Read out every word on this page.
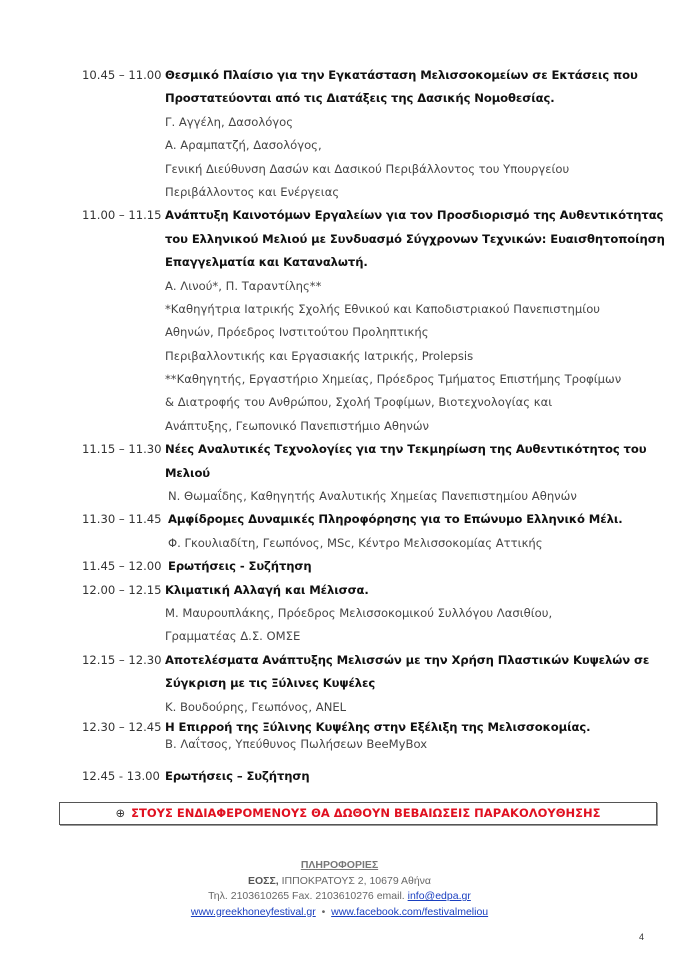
10.45 – 11.00 Θεσμικό Πλαίσιο για την Εγκατάσταση Μελισσοκομείων σε Εκτάσεις που
Προστατεύονται από τις Διατάξεις της Δασικής Νομοθεσίας.
Γ. Αγγέλη, Δασολόγος
Α. Αραμπατζή, Δασολόγος,
Γενική Διεύθυνση Δασών και Δασικού Περιβάλλοντος του Υπουργείου
Περιβάλλοντος και Ενέργειας
11.00 – 11.15 Ανάπτυξη Καινοτόμων Εργαλείων για τον Προσδιορισμό της Αυθεντικότητας
του Ελληνικού Μελιού με Συνδυασμό Σύγχρονων Τεχνικών: Ευαισθητοποίηση
Επαγγελματία και Καταναλωτή.
Α. Λινού*, Π. Ταραντίλης**
*Καθηγήτρια Ιατρικής Σχολής Εθνικού και Καποδιστριακού Πανεπιστημίου
Αθηνών, Πρόεδρος Ινστιτούτου Προληπτικής
Περιβαλλοντικής και Εργασιακής Ιατρικής, Prolepsis
**Καθηγητής, Εργαστήριο Χημείας, Πρόεδρος Τμήματος Επιστήμης Τροφίμων
& Διατροφής του Ανθρώπου, Σχολή Τροφίμων, Βιοτεχνολογίας και
Ανάπτυξης, Γεωπονικό Πανεπιστήμιο Αθηνών
11.15 – 11.30 Νέες Αναλυτικές Τεχνολογίες για την Τεκμηρίωση της Αυθεντικότητος του
Μελιού
Ν. Θωμαΐδης, Καθηγητής Αναλυτικής Χημείας Πανεπιστημίου Αθηνών
11.30 – 11.45 Αμφίδρομες Δυναμικές Πληροφόρησης για το Επώνυμο Ελληνικό Μέλι.
Φ. Γκουλιαδίτη, Γεωπόνος, MSc, Κέντρο Μελισσοκομίας Αττικής
11.45 – 12.00 Ερωτήσεις - Συζήτηση
12.00 – 12.15 Κλιματική Αλλαγή και Μέλισσα.
Μ. Μαυρουπλάκης, Πρόεδρος Μελισσοκομικού Συλλόγου Λασιθίου,
Γραμματέας Δ.Σ. ΟΜΣΕ
12.15 – 12.30 Αποτελέσματα Ανάπτυξης Μελισσών με την Χρήση Πλαστικών Κυψελών σε
Σύγκριση με τις Ξύλινες Κυψέλες
Κ. Βουδούρης, Γεωπόνος, ANEL
12.30 – 12.45 Η Επιρροή της Ξύλινης Κυψέλης στην Εξέλιξη της Μελισσοκομίας.
Β. Λαΐτσος, Υπεύθυνος Πωλήσεων BeeMyBox
12.45 - 13.00 Ερωτήσεις – Συζήτηση
⊕ ΣΤΟΥΣ ΕΝΔΙΑΦΕΡΟΜΕΝΟΥΣ ΘΑ ΔΩΘΟΥΝ ΒΕΒΑΙΩΣΕΙΣ ΠΑΡΑΚΟΛΟΥΘΗΣΗΣ
ΠΛΗΡΟΦΟΡΙΕΣ
ΕΟΣΣ, ΙΠΠΟΚΡΑΤΟΥΣ 2, 10679 Αθήνα
Τηλ. 2103610265 Fax. 2103610276 email. info@edpa.gr
www.greekhoneyfestival.gr • www.facebook.com/festivalmeliou
4
